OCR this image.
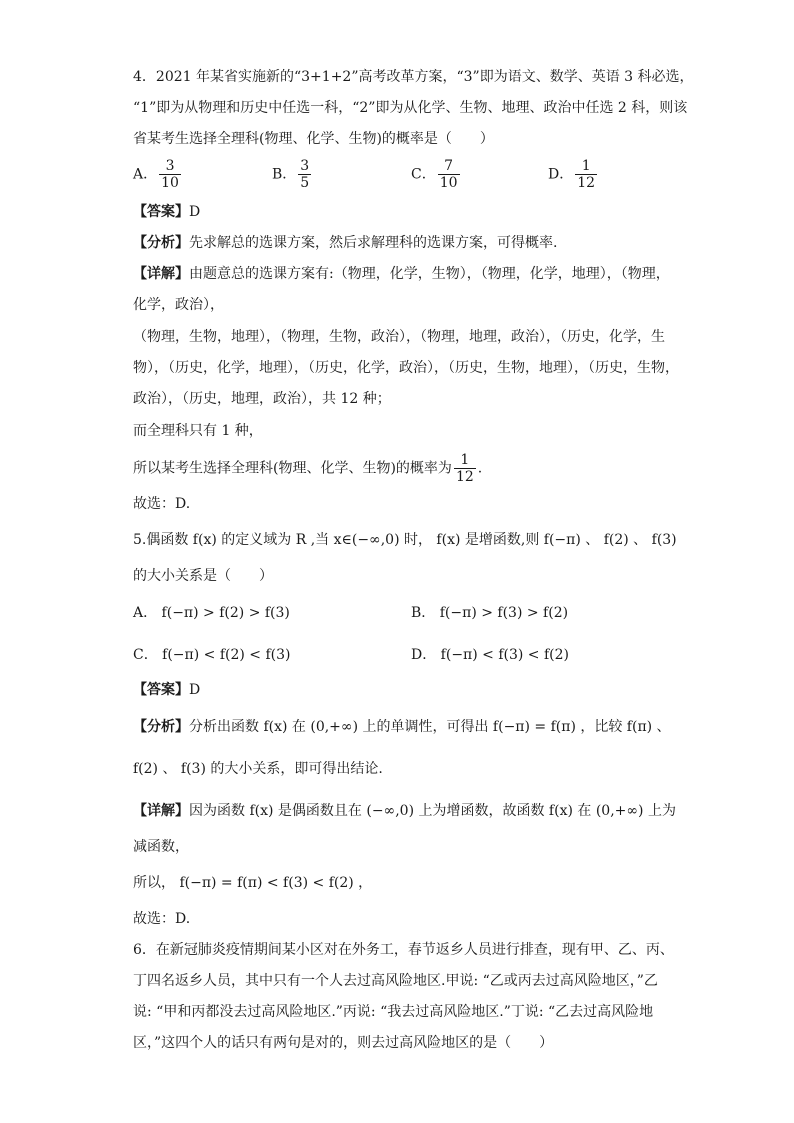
4．2021 年某省实施新的“3+1+2”高考改革方案，“3”即为语文、数学、英语 3 科必选，
“1”即为从物理和历史中任选一科，“2”即为从化学、生物、地理、政治中任选 2 科，则该
省某考生选择全理科(物理、化学、生物)的概率是（　　）
A． $\frac{3}{10}$	B． $\frac{3}{5}$	C． $\frac{7}{10}$	D． $\frac{1}{12}$
【答案】D
【分析】先求解总的选课方案，然后求解理科的选课方案，可得概率.
【详解】由题意总的选课方案有:（物理，化学，生物），（物理，化学，地理），（物理，
化学，政治），
（物理，生物，地理），（物理，生物，政治），（物理，地理，政治），（历史，化学，生
物），（历史，化学，地理），（历史，化学，政治），（历史，生物，地理），（历史，生物，
政治），（历史，地理，政治），共 12 种；
而全理科只有 1 种，
所以某考生选择全理科(物理、化学、生物)的概率为 $\frac{1}{12}$ .
故选：D.
5.偶函数 f(x) 的定义域为 R ,当 x∈(−∞,0) 时， f(x) 是增函数,则 f(−π) 、 f(2) 、 f(3)
的大小关系是（　　）
A． f(−π) > f(2) > f(3)	B． f(−π) > f(3) > f(2)
C． f(−π) < f(2) < f(3)	D． f(−π) < f(3) < f(2)
【答案】D
【分析】分析出函数 f(x) 在 (0,+∞) 上的单调性，可得出 f(−π) = f(π) ，比较 f(π) 、
f(2) 、 f(3) 的大小关系，即可得出结论.
【详解】因为函数 f(x) 是偶函数且在 (−∞,0) 上为增函数，故函数 f(x) 在 (0,+∞) 上为
减函数，
所以， f(−π) = f(π) < f(3) < f(2) ，
故选：D.
6．在新冠肺炎疫情期间某小区对在外务工，春节返乡人员进行排查，现有甲、乙、丙、
丁四名返乡人员，其中只有一个人去过高风险地区.甲说: “乙或丙去过高风险地区，”乙
说: “甲和丙都没去过高风险地区.”丙说: “我去过高风险地区.”丁说: “乙去过高风险地
区，”这四个人的话只有两句是对的，则去过高风险地区的是（　　）
